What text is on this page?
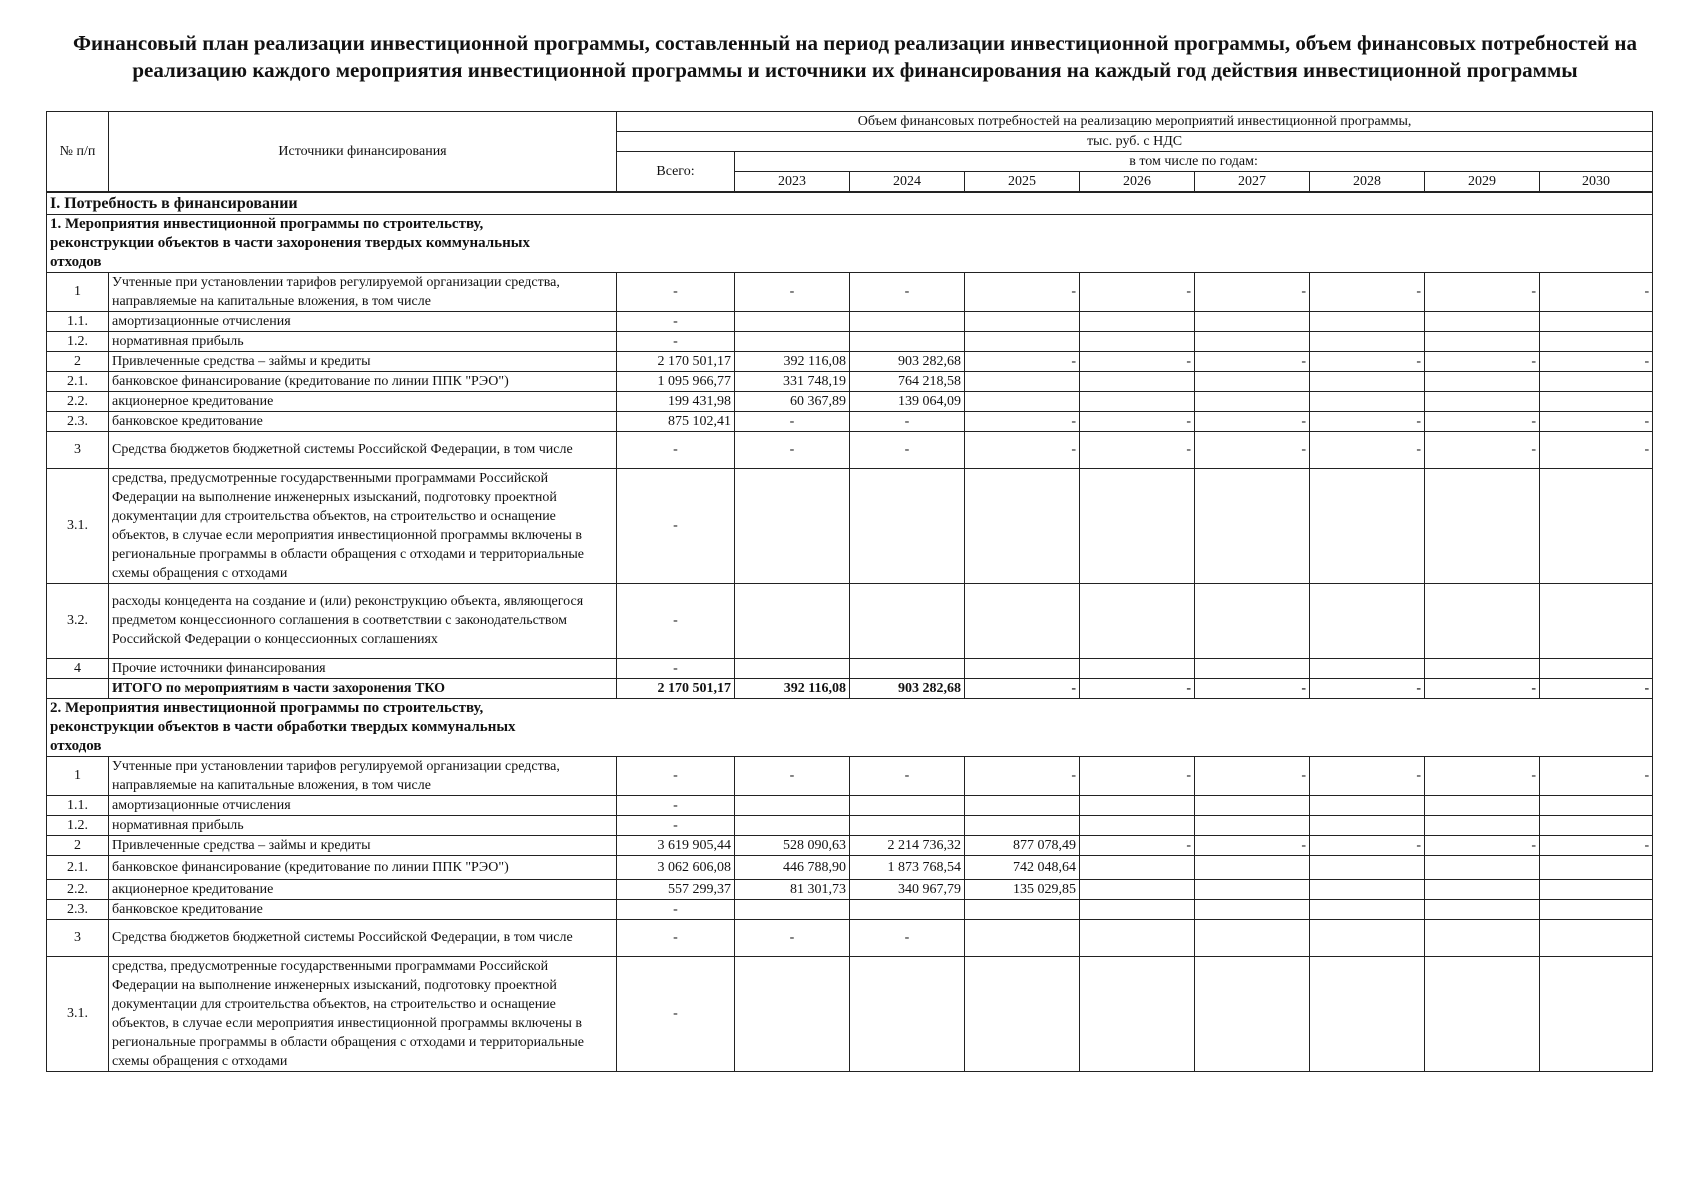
Финансовый план реализации инвестиционной программы, составленный на период реализации инвестиционной программы, объем финансовых потребностей на реализацию каждого мероприятия инвестиционной программы и источники их финансирования на каждый год действия инвестиционной программы
№ п/п	Источники финансирования	Объем финансовых потребностей на реализацию мероприятий инвестиционной программы,								
		тыс. руб. с НДС								
		Всего:	в том числе по годам:							
			2023	2024	2025	2026	2027	2028	2029	2030
I. Потребность в финансировании										

1. Мероприятия инвестиционной программы по строительству, реконструкции объектов в части захоронения твердых коммунальных отходов										

1	Учтенные при установлении тарифов регулируемой организации средства, направляемые на капитальные вложения, в том числе	-	-	-	-	-	-	-	-	-
1.1.	амортизационные отчисления	-								
1.2.	нормативная прибыль	-								
2	Привлеченные средства – займы и кредиты	2 170 501,17	392 116,08	903 282,68	-	-	-	-	-	-
2.1.	банковское финансирование (кредитование по линии ППК "РЭО")	1 095 966,77	331 748,19	764 218,58						
2.2.	акционерное кредитование	199 431,98	60 367,89	139 064,09						
2.3.	банковское кредитование	875 102,41	-	-	-	-	-	-	-	-
3	Средства бюджетов бюджетной системы Российской Федерации, в том числе	-	-	-	-	-	-	-	-	-
3.1.	средства, предусмотренные государственными программами Российской Федерации на выполнение инженерных изысканий, подготовку проектной документации для строительства объектов, на строительство и оснащение объектов, в случае если мероприятия инвестиционной программы включены в региональные программы в области обращения с отходами и территориальные схемы обращения с отходами	-								
3.2.	расходы концедента на создание и (или) реконструкцию объекта, являющегося предметом концессионного соглашения в соответствии с законодательством Российской Федерации о концессионных соглашениях	-								
4	Прочие источники финансирования	-								
	ИТОГО по мероприятиям в части захоронения ТКО	2 170 501,17	392 116,08	903 282,68	-	-	-	-	-	-

2. Мероприятия инвестиционной программы по строительству, реконструкции объектов в части обработки твердых коммунальных отходов										

1	Учтенные при установлении тарифов регулируемой организации средства, направляемые на капитальные вложения, в том числе	-	-	-	-	-	-	-	-	-
1.1.	амортизационные отчисления	-								
1.2.	нормативная прибыль	-								
2	Привлеченные средства – займы и кредиты	3 619 905,44	528 090,63	2 214 736,32	877 078,49	-	-	-	-	-
2.1.	банковское финансирование (кредитование по линии ППК "РЭО")	3 062 606,08	446 788,90	1 873 768,54	742 048,64					
2.2.	акционерное кредитование	557 299,37	81 301,73	340 967,79	135 029,85					
2.3.	банковское кредитование	-								
3	Средства бюджетов бюджетной системы Российской Федерации, в том числе	-	-	-						
3.1.	средства, предусмотренные государственными программами Российской Федерации на выполнение инженерных изысканий, подготовку проектной документации для строительства объектов, на строительство и оснащение объектов, в случае если мероприятия инвестиционной программы включены в региональные программы в области обращения с отходами и территориальные схемы обращения с отходами	-								
